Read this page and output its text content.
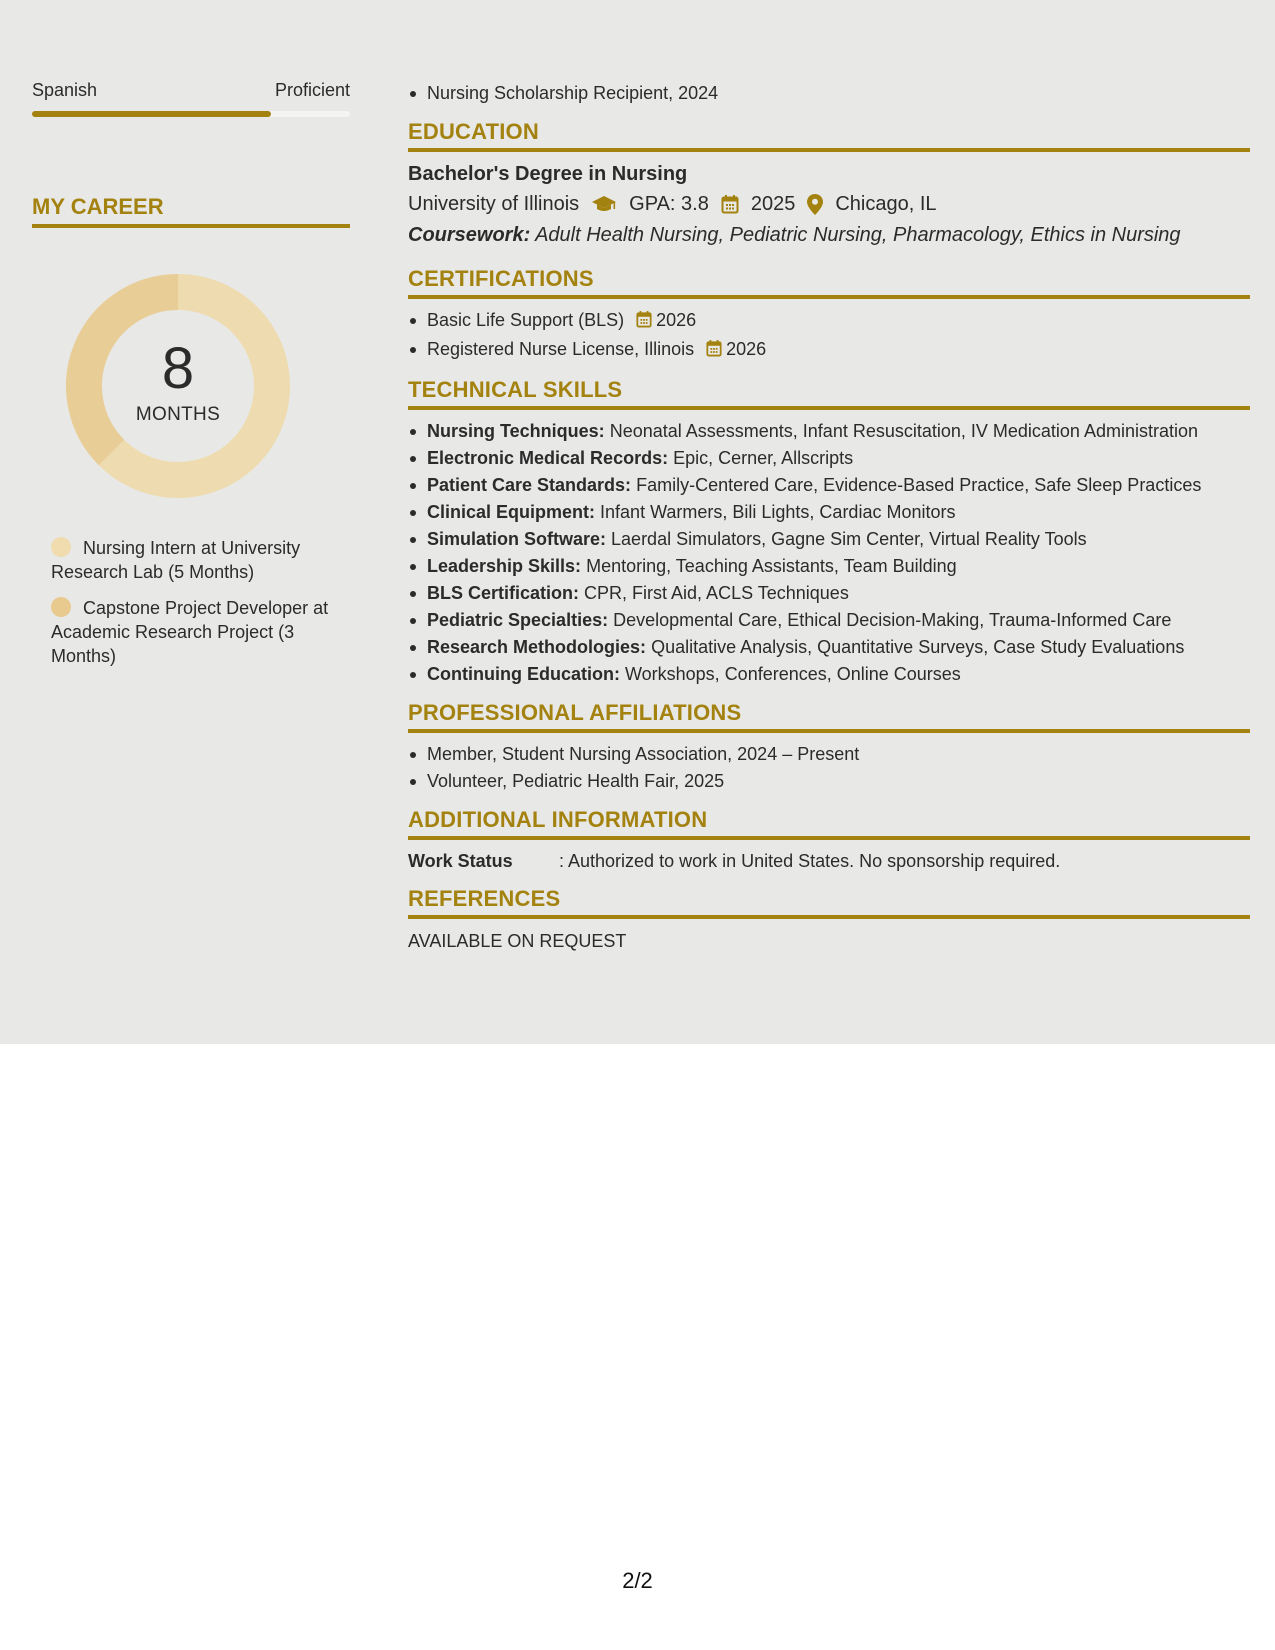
Spanish	Proficient
MY CAREER
8
MONTHS
Nursing Intern at University Research Lab (5 Months)
Capstone Project Developer at Academic Research Project (3 Months)
Nursing Scholarship Recipient, 2024
EDUCATION
Bachelor's Degree in Nursing
University of Illinois	GPA: 3.8 2025 Chicago, IL
Coursework: Adult Health Nursing, Pediatric Nursing, Pharmacology, Ethics in Nursing
CERTIFICATIONS
Basic Life Support (BLS) 2026
Registered Nurse License, Illinois 2026
TECHNICAL SKILLS
Nursing Techniques: Neonatal Assessments, Infant Resuscitation, IV Medication Administration
Electronic Medical Records: Epic, Cerner, Allscripts
Patient Care Standards: Family-Centered Care, Evidence-Based Practice, Safe Sleep Practices
Clinical Equipment: Infant Warmers, Bili Lights, Cardiac Monitors
Simulation Software: Laerdal Simulators, Gagne Sim Center, Virtual Reality Tools
Leadership Skills: Mentoring, Teaching Assistants, Team Building
BLS Certification: CPR, First Aid, ACLS Techniques
Pediatric Specialties: Developmental Care, Ethical Decision-Making, Trauma-Informed Care
Research Methodologies: Qualitative Analysis, Quantitative Surveys, Case Study Evaluations
Continuing Education: Workshops, Conferences, Online Courses
PROFESSIONAL AFFILIATIONS
Member, Student Nursing Association, 2024 – Present
Volunteer, Pediatric Health Fair, 2025
ADDITIONAL INFORMATION
Work Status	: Authorized to work in United States. No sponsorship required.
REFERENCES
AVAILABLE ON REQUEST
2/2
